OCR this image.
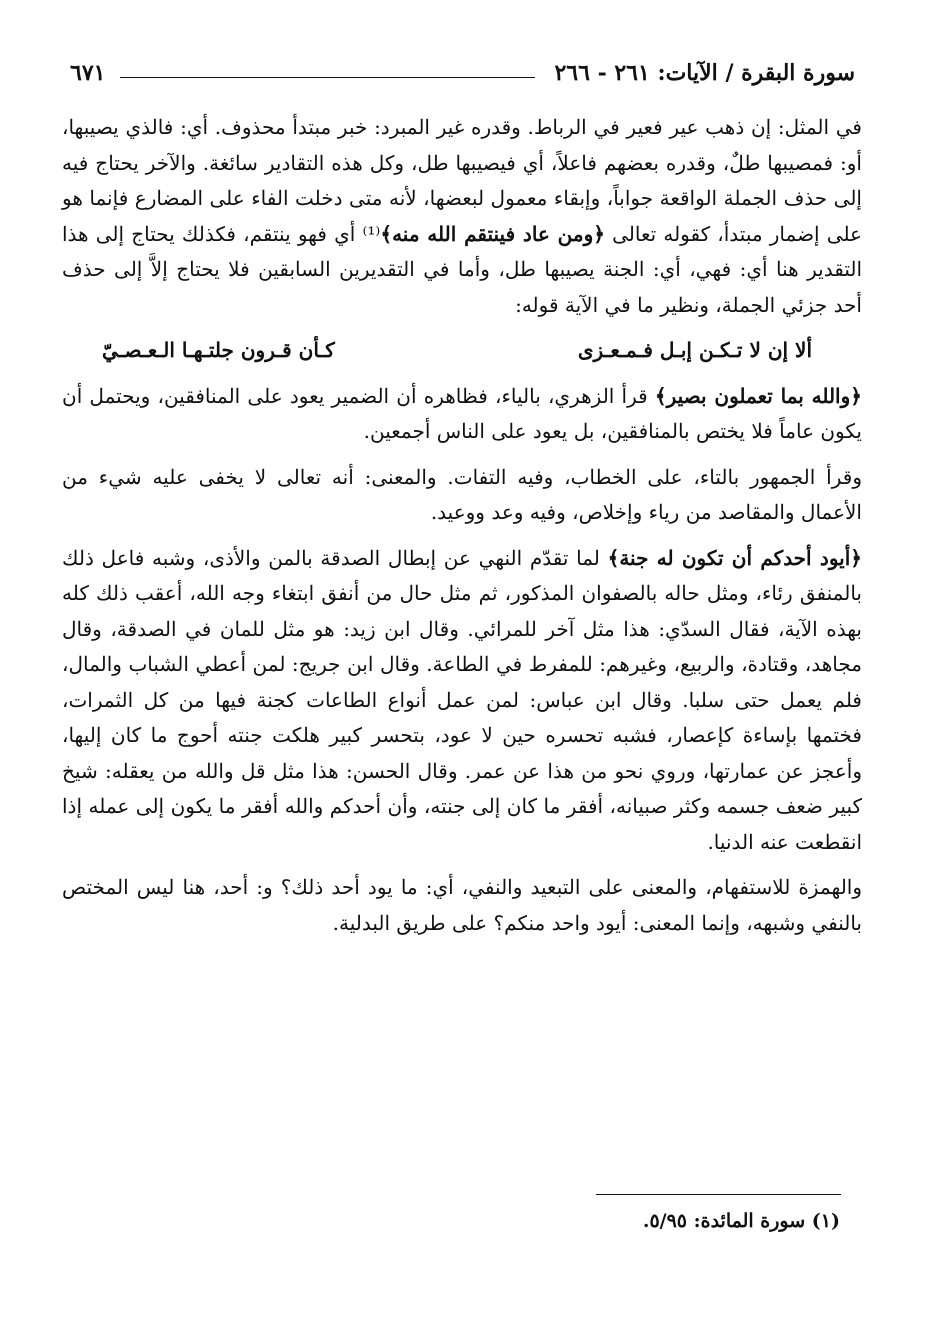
سورة البقرة / الآيات: ٢٦١ - ٢٦٦
٦٧١

في المثل: إن ذهب عير فعير في الرباط. وقدره غير المبرد: خبر مبتدأ محذوف. أي: فالذي يصيبها، أو: فمصيبها طلٌ، وقدره بعضهم فاعلاً، أي فيصيبها طل، وكل هذه التقادير سائغة. والآخر يحتاج فيه إلى حذف الجملة الواقعة جواباً، وإبقاء معمول لبعضها، لأنه متى دخلت الفاء على المضارع فإنما هو على إضمار مبتدأ، كقوله تعالى ﴿ومن عاد فينتقم الله منه﴾⁽¹⁾ أي فهو ينتقم، فكذلك يحتاج إلى هذا التقدير هنا أي: فهي، أي: الجنة يصيبها طل، وأما في التقديرين السابقين فلا يحتاج إلاَّ إلى حذف أحد جزئي الجملة، ونظير ما في الآية قوله:

ألا إن لا تـكـن إبـل فـمـعـزى
كـأن قـرون جلتـهـا الـعـصـيّ

﴿والله بما تعملون بصير﴾ قرأ الزهري، بالياء، فظاهره أن الضمير يعود على المنافقين، ويحتمل أن يكون عاماً فلا يختص بالمنافقين، بل يعود على الناس أجمعين.

وقرأ الجمهور بالتاء، على الخطاب، وفيه التفات. والمعنى: أنه تعالى لا يخفى عليه شيء من الأعمال والمقاصد من رياء وإخلاص، وفيه وعد ووعيد.

﴿أيود أحدكم أن تكون له جنة﴾ لما تقدّم النهي عن إبطال الصدقة بالمن والأذى، وشبه فاعل ذلك بالمنفق رئاء، ومثل حاله بالصفوان المذكور، ثم مثل حال من أنفق ابتغاء وجه الله، أعقب ذلك كله بهذه الآية، فقال السدّي: هذا مثل آخر للمرائي. وقال ابن زيد: هو مثل للمان في الصدقة، وقال مجاهد، وقتادة، والربيع، وغيرهم: للمفرط في الطاعة. وقال ابن جريج: لمن أعطي الشباب والمال، فلم يعمل حتى سلبا. وقال ابن عباس: لمن عمل أنواع الطاعات كجنة فيها من كل الثمرات، فختمها بإساءة كإعصار، فشبه تحسره حين لا عود، بتحسر كبير هلكت جنته أحوج ما كان إليها، وأعجز عن عمارتها، وروي نحو من هذا عن عمر. وقال الحسن: هذا مثل قل والله من يعقله: شيخ كبير ضعف جسمه وكثر صبيانه، أفقر ما كان إلى جنته، وأن أحدكم والله أفقر ما يكون إلى عمله إذا انقطعت عنه الدنيا.

والهمزة للاستفهام، والمعنى على التبعيد والنفي، أي: ما يود أحد ذلك؟ و: أحد، هنا ليس المختص بالنفي وشبهه، وإنما المعنى: أيود واحد منكم؟ على طريق البدلية.

(١) سورة المائدة: ٥/٩٥.
